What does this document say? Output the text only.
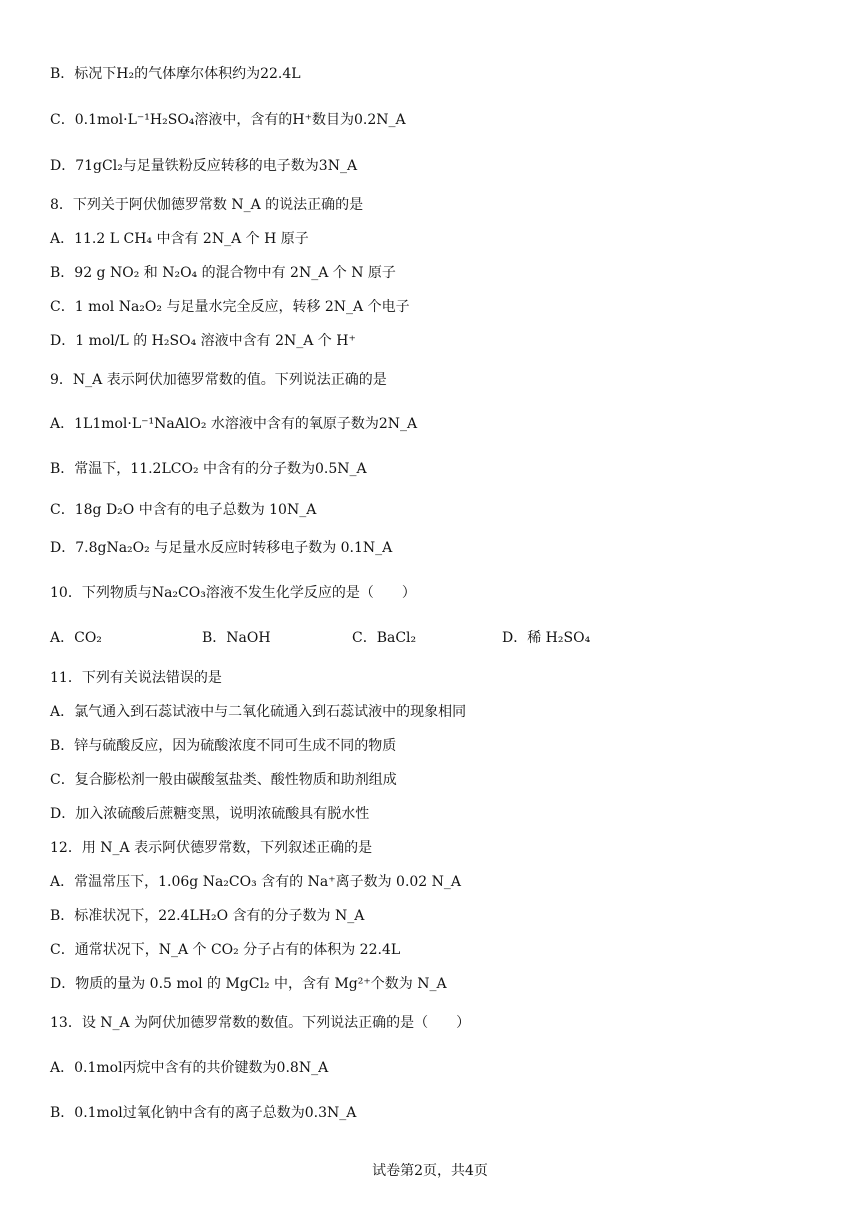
B．标况下H₂的气体摩尔体积约为22.4L
C．0.1mol·L⁻¹H₂SO₄溶液中，含有的H⁺数目为0.2N_A
D．71gCl₂与足量铁粉反应转移的电子数为3N_A
8．下列关于阿伏伽德罗常数 N_A 的说法正确的是
A．11.2 L CH₄ 中含有 2N_A 个 H 原子
B．92 g NO₂ 和 N₂O₄ 的混合物中有 2N_A 个 N 原子
C．1 mol Na₂O₂ 与足量水完全反应，转移 2N_A 个电子
D．1 mol/L 的 H₂SO₄ 溶液中含有 2N_A 个 H⁺
9．N_A 表示阿伏加德罗常数的值。下列说法正确的是
A．1L1mol·L⁻¹NaAlO₂ 水溶液中含有的氧原子数为2N_A
B．常温下，11.2LCO₂ 中含有的分子数为0.5N_A
C．18g D₂O 中含有的电子总数为 10N_A
D．7.8gNa₂O₂ 与足量水反应时转移电子数为 0.1N_A
10．下列物质与Na₂CO₃溶液不发生化学反应的是（　　）
A．CO₂	B．NaOH	C．BaCl₂	D．稀 H₂SO₄
11．下列有关说法错误的是
A．氯气通入到石蕊试液中与二氧化硫通入到石蕊试液中的现象相同
B．锌与硫酸反应，因为硫酸浓度不同可生成不同的物质
C．复合膨松剂一般由碳酸氢盐类、酸性物质和助剂组成
D．加入浓硫酸后蔗糖变黑，说明浓硫酸具有脱水性
12．用 N_A 表示阿伏德罗常数，下列叙述正确的是
A．常温常压下，1.06g Na₂CO₃ 含有的 Na⁺离子数为 0.02 N_A
B．标准状况下，22.4LH₂O 含有的分子数为 N_A
C．通常状况下，N_A 个 CO₂ 分子占有的体积为 22.4L
D．物质的量为 0.5 mol 的 MgCl₂ 中，含有 Mg²⁺个数为 N_A
13．设 N_A 为阿伏加德罗常数的数值。下列说法正确的是（　　）
A．0.1mol丙烷中含有的共价键数为0.8N_A
B．0.1mol过氧化钠中含有的离子总数为0.3N_A
试卷第2页，共4页
